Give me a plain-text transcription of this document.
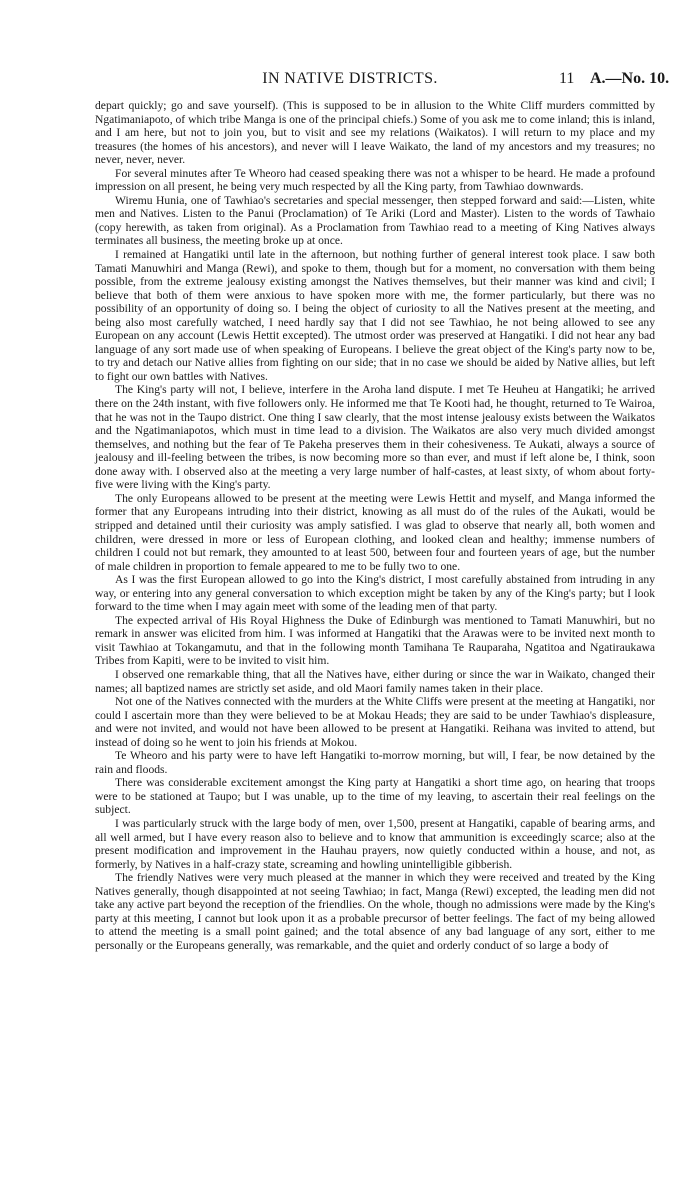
IN NATIVE DISTRICTS.	11 A.—No. 10.

depart quickly; go and save yourself). (This is supposed to be in allusion to the White Cliff murders committed by Ngatimaniapoto, of which tribe Manga is one of the principal chiefs.) Some of you ask me to come inland; this is inland, and I am here, but not to join you, but to visit and see my relations (Waikatos). I will return to my place and my treasures (the homes of his ancestors), and never will I leave Waikato, the land of my ancestors and my treasures; no never, never, never.

For several minutes after Te Wheoro had ceased speaking there was not a whisper to be heard. He made a profound impression on all present, he being very much respected by all the King party, from Tawhiao downwards.

Wiremu Hunia, one of Tawhiao's secretaries and special messenger, then stepped forward and said:—Listen, white men and Natives. Listen to the Panui (Proclamation) of Te Ariki (Lord and Master). Listen to the words of Tawhaio (copy herewith, as taken from original). As a Proclamation from Tawhiao read to a meeting of King Natives always terminates all business, the meeting broke up at once.

I remained at Hangatiki until late in the afternoon, but nothing further of general interest took place. I saw both Tamati Manuwhiri and Manga (Rewi), and spoke to them, though but for a moment, no conversation with them being possible, from the extreme jealousy existing amongst the Natives themselves, but their manner was kind and civil; I believe that both of them were anxious to have spoken more with me, the former particularly, but there was no possibility of an opportunity of doing so. I being the object of curiosity to all the Natives present at the meeting, and being also most carefully watched, I need hardly say that I did not see Tawhiao, he not being allowed to see any European on any account (Lewis Hettit excepted). The utmost order was preserved at Hangatiki. I did not hear any bad language of any sort made use of when speaking of Europeans. I believe the great object of the King's party now to be, to try and detach our Native allies from fighting on our side; that in no case we should be aided by Native allies, but left to fight our own battles with Natives.

The King's party will not, I believe, interfere in the Aroha land dispute. I met Te Heuheu at Hangatiki; he arrived there on the 24th instant, with five followers only. He informed me that Te Kooti had, he thought, returned to Te Wairoa, that he was not in the Taupo district. One thing I saw clearly, that the most intense jealousy exists between the Waikatos and the Ngatimaniapotos, which must in time lead to a division. The Waikatos are also very much divided amongst themselves, and nothing but the fear of Te Pakeha preserves them in their cohesiveness. Te Aukati, always a source of jealousy and ill-feeling between the tribes, is now becoming more so than ever, and must if left alone be, I think, soon done away with. I observed also at the meeting a very large number of half-castes, at least sixty, of whom about forty-five were living with the King's party.

The only Europeans allowed to be present at the meeting were Lewis Hettit and myself, and Manga informed the former that any Europeans intruding into their district, knowing as all must do of the rules of the Aukati, would be stripped and detained until their curiosity was amply satisfied. I was glad to observe that nearly all, both women and children, were dressed in more or less of European clothing, and looked clean and healthy; immense numbers of children I could not but remark, they amounted to at least 500, between four and fourteen years of age, but the number of male children in proportion to female appeared to me to be fully two to one.

As I was the first European allowed to go into the King's district, I most carefully abstained from intruding in any way, or entering into any general conversation to which exception might be taken by any of the King's party; but I look forward to the time when I may again meet with some of the leading men of that party.

The expected arrival of His Royal Highness the Duke of Edinburgh was mentioned to Tamati Manuwhiri, but no remark in answer was elicited from him. I was informed at Hangatiki that the Arawas were to be invited next month to visit Tawhiao at Tokangamutu, and that in the following month Tamihana Te Rauparaha, Ngatitoa and Ngatiraukawa Tribes from Kapiti, were to be invited to visit him.

I observed one remarkable thing, that all the Natives have, either during or since the war in Waikato, changed their names; all baptized names are strictly set aside, and old Maori family names taken in their place.

Not one of the Natives connected with the murders at the White Cliffs were present at the meeting at Hangatiki, nor could I ascertain more than they were believed to be at Mokau Heads; they are said to be under Tawhiao's displeasure, and were not invited, and would not have been allowed to be present at Hangatiki. Reihana was invited to attend, but instead of doing so he went to join his friends at Mokou.

Te Wheoro and his party were to have left Hangatiki to-morrow morning, but will, I fear, be now detained by the rain and floods.

There was considerable excitement amongst the King party at Hangatiki a short time ago, on hearing that troops were to be stationed at Taupo; but I was unable, up to the time of my leaving, to ascertain their real feelings on the subject.

I was particularly struck with the large body of men, over 1,500, present at Hangatiki, capable of bearing arms, and all well armed, but I have every reason also to believe and to know that ammunition is exceedingly scarce; also at the present modification and improvement in the Hauhau prayers, now quietly conducted within a house, and not, as formerly, by Natives in a half-crazy state, screaming and howling unintelligible gibberish.

The friendly Natives were very much pleased at the manner in which they were received and treated by the King Natives generally, though disappointed at not seeing Tawhiao; in fact, Manga (Rewi) excepted, the leading men did not take any active part beyond the reception of the friendlies. On the whole, though no admissions were made by the King's party at this meeting, I cannot but look upon it as a probable precursor of better feelings. The fact of my being allowed to attend the meeting is a small point gained; and the total absence of any bad language of any sort, either to me personally or the Europeans generally, was remarkable, and the quiet and orderly conduct of so large a body of
